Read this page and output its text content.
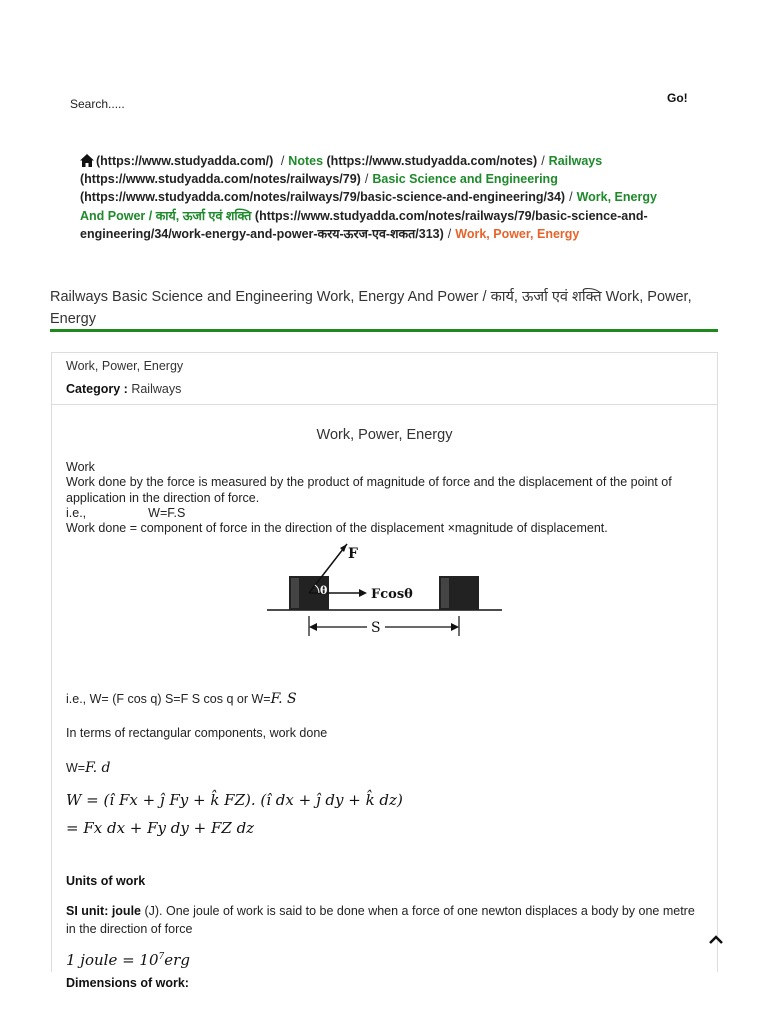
Search.....	Go!
(https://www.studyadda.com/) / Notes (https://www.studyadda.com/notes) / Railways (https://www.studyadda.com/notes/railways/79) / Basic Science and Engineering (https://www.studyadda.com/notes/railways/79/basic-science-and-engineering/34) / Work, Energy And Power / कार्य, ऊर्जा एवं शक्ति (https://www.studyadda.com/notes/railways/79/basic-science-and-engineering/34/work-energy-and-power-करय-ऊरज-एव-शकत/313) / Work, Power, Energy
Railways Basic Science and Engineering Work, Energy And Power / कार्य, ऊर्जा एवं शक्ति Work, Power, Energy
Work, Power, Energy
Category : Railways
Work, Power, Energy
Work
Work done by the force is measured by the product of magnitude of force and the displacement of the point of application in the direction of force.
i.e.,	W=F.S
Work done = component of force in the direction of the displacement ×magnitude of displacement.
F
θ	Fcosθ
S
i.e., W= (F cos q) S=F S cos q or W=F. S
In terms of rectangular components, work done
W=F. d
W = (î Fx + ĵ Fy + k̂ FZ). (î dx + ĵ dy + k̂ dz)
= Fx dx + Fy dy + FZ dz
Units of work
SI unit: joule (J). One joule of work is said to be done when a force of one newton displaces a body by one metre in the direction of force
1 joule = $10^7erg$
Dimensions of work:
